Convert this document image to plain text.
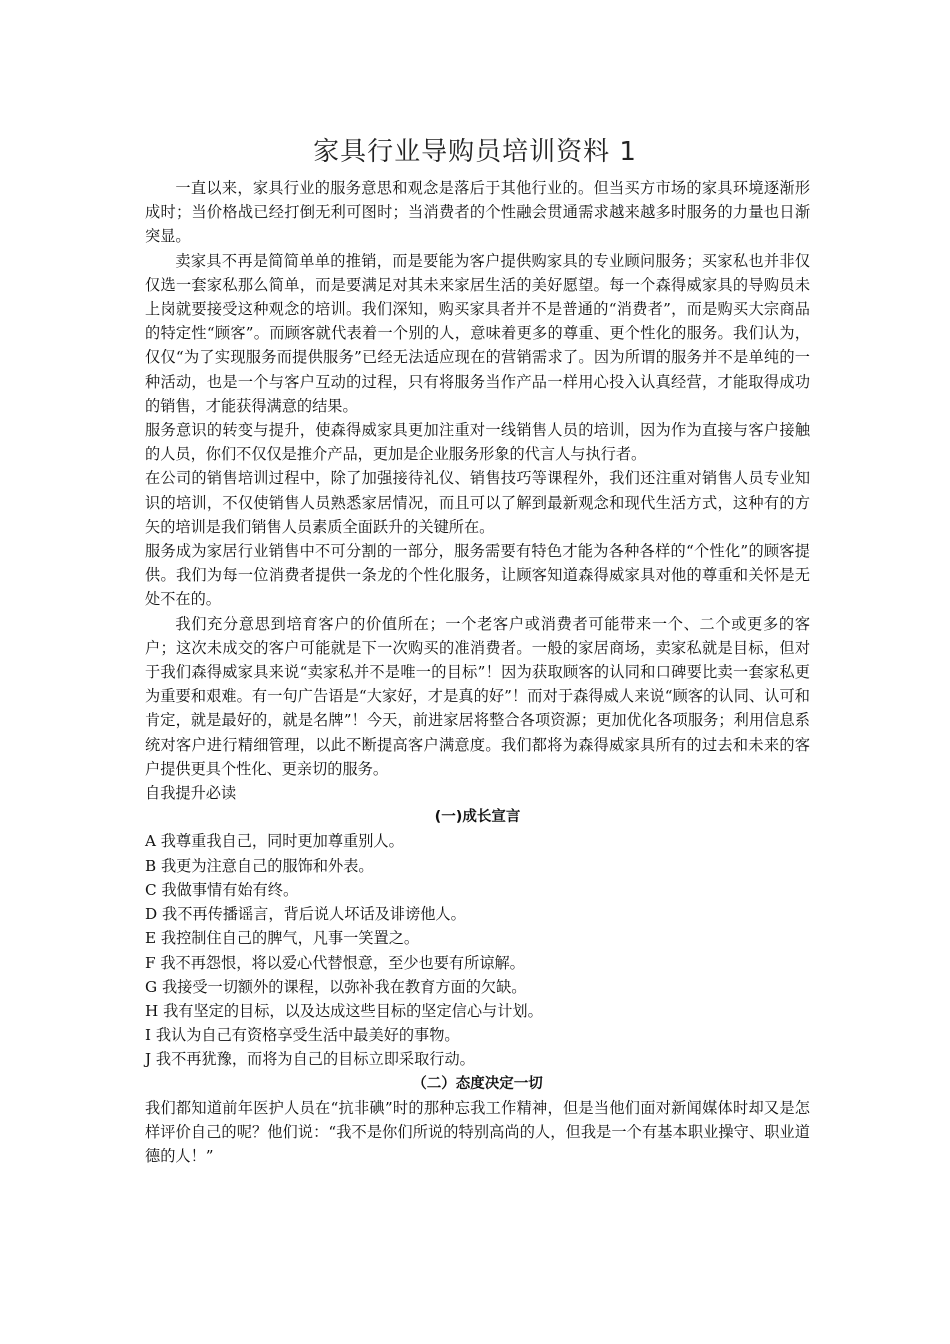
家具行业导购员培训资料 1

一直以来，家具行业的服务意思和观念是落后于其他行业的。但当买方市场的家具环境逐渐形成时；当价格战已经打倒无利可图时；当消费者的个性融会贯通需求越来越多时服务的力量也日渐突显。

卖家具不再是简简单单的推销，而是要能为客户提供购家具的专业顾问服务；买家私也并非仅仅选一套家私那么简单，而是要满足对其未来家居生活的美好愿望。每一个森得威家具的导购员未上岗就要接受这种观念的培训。我们深知，购买家具者并不是普通的“消费者”，而是购买大宗商品的特定性“顾客”。而顾客就代表着一个别的人，意味着更多的尊重、更个性化的服务。我们认为，仅仅“为了实现服务而提供服务”已经无法适应现在的营销需求了。因为所谓的服务并不是单纯的一种活动，也是一个与客户互动的过程，只有将服务当作产品一样用心投入认真经营，才能取得成功的销售，才能获得满意的结果。

服务意识的转变与提升，使森得威家具更加注重对一线销售人员的培训，因为作为直接与客户接触的人员，你们不仅仅是推介产品，更加是企业服务形象的代言人与执行者。

在公司的销售培训过程中，除了加强接待礼仪、销售技巧等课程外，我们还注重对销售人员专业知识的培训，不仅使销售人员熟悉家居情况，而且可以了解到最新观念和现代生活方式，这种有的方矢的培训是我们销售人员素质全面跃升的关键所在。

服务成为家居行业销售中不可分割的一部分，服务需要有特色才能为各种各样的“个性化”的顾客提供。我们为每一位消费者提供一条龙的个性化服务，让顾客知道森得威家具对他的尊重和关怀是无处不在的。

我们充分意思到培育客户的价值所在；一个老客户或消费者可能带来一个、二个或更多的客户；这次未成交的客户可能就是下一次购买的准消费者。一般的家居商场，卖家私就是目标，但对于我们森得威家具来说“卖家私并不是唯一的目标”！因为获取顾客的认同和口碑要比卖一套家私更为重要和艰难。有一句广告语是“大家好，才是真的好”！而对于森得威人来说“顾客的认同、认可和肯定，就是最好的，就是名牌”！今天，前进家居将整合各项资源；更加优化各项服务；利用信息系统对客户进行精细管理，以此不断提高客户满意度。我们都将为森得威家具所有的过去和未来的客户提供更具个性化、更亲切的服务。

自我提升必读

(一)成长宣言

A 我尊重我自己，同时更加尊重别人。

B 我更为注意自己的服饰和外表。

C 我做事情有始有终。

D 我不再传播谣言，背后说人坏话及诽谤他人。

E 我控制住自己的脾气，凡事一笑置之。

F 我不再怨恨，将以爱心代替恨意，至少也要有所谅解。

G 我接受一切额外的课程，以弥补我在教育方面的欠缺。

H 我有坚定的目标，以及达成这些目标的坚定信心与计划。

I 我认为自己有资格享受生活中最美好的事物。

J 我不再犹豫，而将为自己的目标立即采取行动。

（二）态度决定一切

我们都知道前年医护人员在“抗非碘”时的那种忘我工作精神，但是当他们面对新闻媒体时却又是怎样评价自己的呢？他们说：“我不是你们所说的特别高尚的人，但我是一个有基本职业操守、职业道德的人！”
